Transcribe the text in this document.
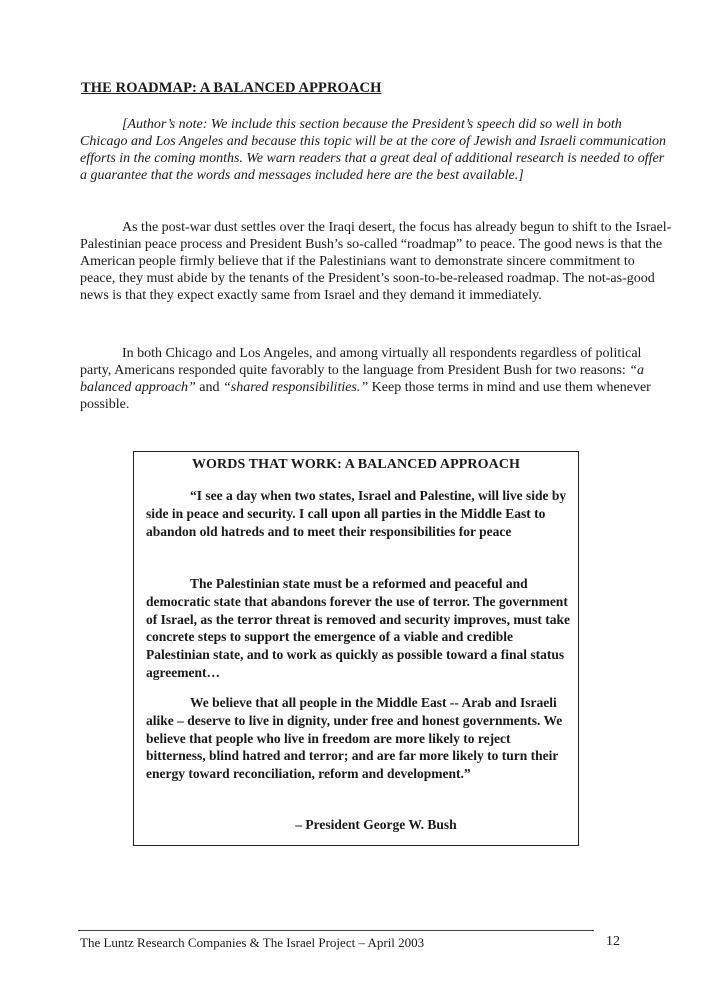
THE ROADMAP: A BALANCED APPROACH

[Author’s note: We include this section because the President’s speech did so well in both Chicago and Los Angeles and because this topic will be at the core of Jewish and Israeli communication efforts in the coming months. We warn readers that a great deal of additional research is needed to offer a guarantee that the words and messages included here are the best available.]

As the post-war dust settles over the Iraqi desert, the focus has already begun to shift to the Israel-Palestinian peace process and President Bush’s so-called “roadmap” to peace. The good news is that the American people firmly believe that if the Palestinians want to demonstrate sincere commitment to peace, they must abide by the tenants of the President’s soon-to-be-released roadmap. The not-as-good news is that they expect exactly same from Israel and they demand it immediately.

In both Chicago and Los Angeles, and among virtually all respondents regardless of political party, Americans responded quite favorably to the language from President Bush for two reasons: “a balanced approach” and “shared responsibilities.” Keep those terms in mind and use them whenever possible.

WORDS THAT WORK: A BALANCED APPROACH

“I see a day when two states, Israel and Palestine, will live side by side in peace and security. I call upon all parties in the Middle East to abandon old hatreds and to meet their responsibilities for peace

The Palestinian state must be a reformed and peaceful and democratic state that abandons forever the use of terror. The government of Israel, as the terror threat is removed and security improves, must take concrete steps to support the emergence of a viable and credible Palestinian state, and to work as quickly as possible toward a final status agreement…

We believe that all people in the Middle East -- Arab and Israeli alike – deserve to live in dignity, under free and honest governments. We believe that people who live in freedom are more likely to reject bitterness, blind hatred and terror; and are far more likely to turn their energy toward reconciliation, reform and development.”

– President George W. Bush

The Luntz Research Companies & The Israel Project – April 2003	12
